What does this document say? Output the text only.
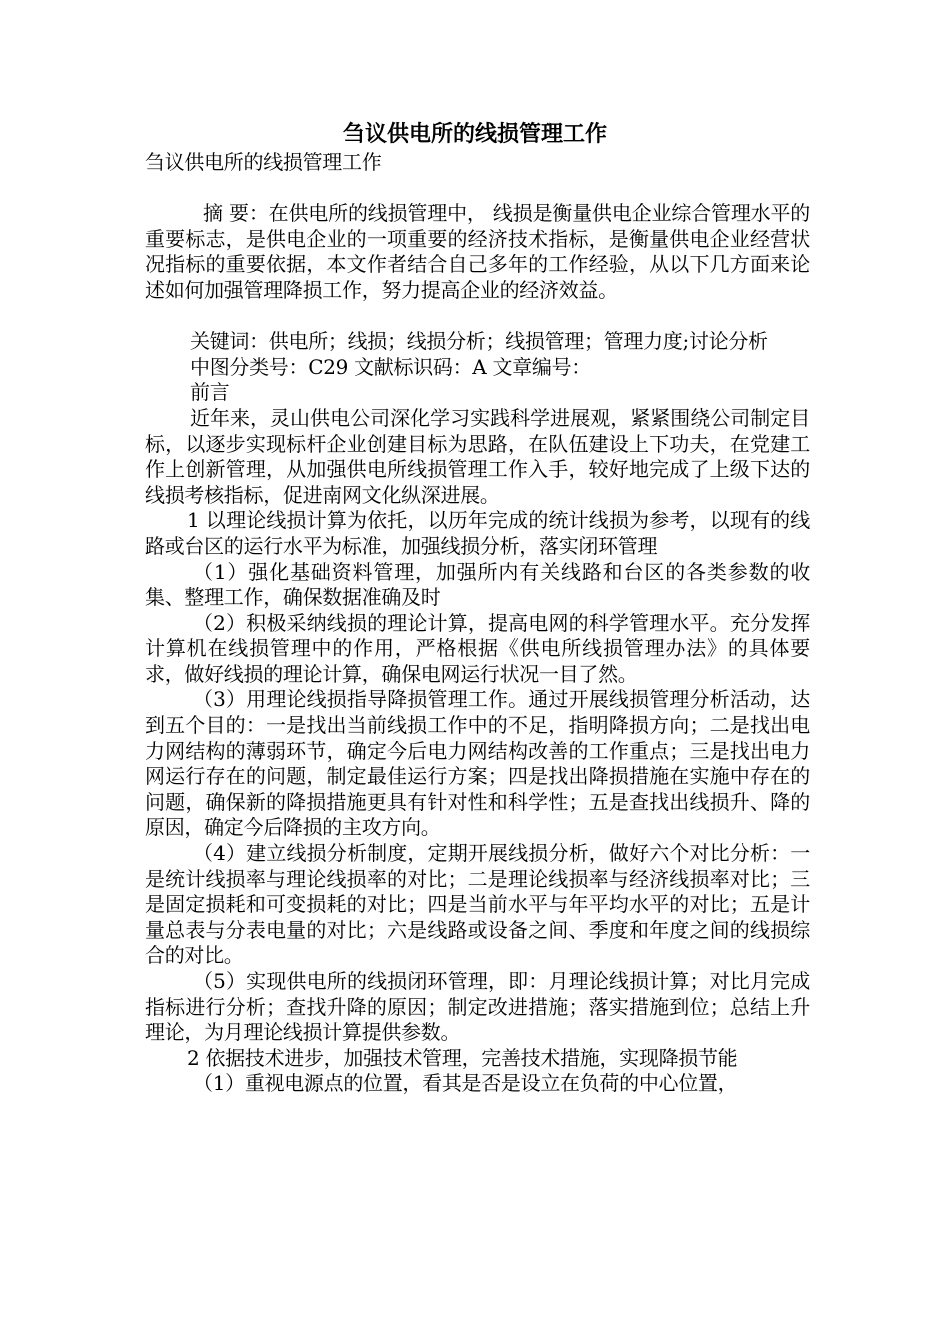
刍议供电所的线损管理工作

刍议供电所的线损管理工作

摘 要：在供电所的线损管理中， 线损是衡量供电企业综合管理水平的重要标志，是供电企业的一项重要的经济技术指标，是衡量供电企业经营状况指标的重要依据，本文作者结合自己多年的工作经验，从以下几方面来论述如何加强管理降损工作，努力提高企业的经济效益。

关键词：供电所；线损；线损分析；线损管理；管理力度;讨论分析

中图分类号：C29 文献标识码：A 文章编号：

前言

近年来，灵山供电公司深化学习实践科学进展观，紧紧围绕公司制定目标，以逐步实现标杆企业创建目标为思路，在队伍建设上下功夫，在党建工作上创新管理，从加强供电所线损管理工作入手，较好地完成了上级下达的线损考核指标，促进南网文化纵深进展。

1 以理论线损计算为依托，以历年完成的统计线损为参考，以现有的线路或台区的运行水平为标准，加强线损分析，落实闭环管理

（1）强化基础资料管理，加强所内有关线路和台区的各类参数的收集、整理工作，确保数据准确及时

（2）积极采纳线损的理论计算，提高电网的科学管理水平。充分发挥计算机在线损管理中的作用，严格根据《供电所线损管理办法》的具体要求，做好线损的理论计算，确保电网运行状况一目了然。

（3）用理论线损指导降损管理工作。通过开展线损管理分析活动，达到五个目的：一是找出当前线损工作中的不足，指明降损方向；二是找出电力网结构的薄弱环节，确定今后电力网结构改善的工作重点；三是找出电力网运行存在的问题，制定最佳运行方案；四是找出降损措施在实施中存在的问题，确保新的降损措施更具有针对性和科学性；五是查找出线损升、降的原因，确定今后降损的主攻方向。

（4）建立线损分析制度，定期开展线损分析，做好六个对比分析：一是统计线损率与理论线损率的对比；二是理论线损率与经济线损率对比；三是固定损耗和可变损耗的对比；四是当前水平与年平均水平的对比；五是计量总表与分表电量的对比；六是线路或设备之间、季度和年度之间的线损综合的对比。

（5）实现供电所的线损闭环管理，即：月理论线损计算；对比月完成指标进行分析；查找升降的原因；制定改进措施；落实措施到位；总结上升理论，为月理论线损计算提供参数。

2 依据技术进步，加强技术管理，完善技术措施，实现降损节能

（1）重视电源点的位置，看其是否是设立在负荷的中心位置，
